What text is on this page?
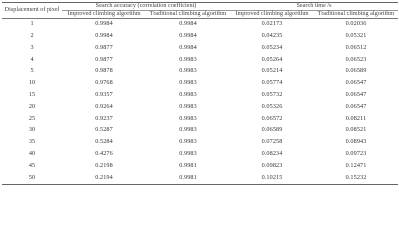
Displacement of pixel	Search accuracy (correlation coefficient)		Search time /s	
	Improved climbing algorithm	Traditional climbing algorithm	Improved climbing algorithm	Traditional climbing algorithm
1	0.9984	0.9984	0.02173	0.02036
2	0.9984	0.9984	0.04235	0.05321
3	0.9877	0.9984	0.05234	0.06512
4	0.9877	0.9983	0.05264	0.06523
5	0.9878	0.9983	0.05214	0.06589
10	0.9768	0.9983	0.05774	0.06547
15	0.9357	0.9983	0.05732	0.06547
20	0.9264	0.9983	0.05326	0.06547
25	0.9237	0.9983	0.06572	0.08211
30	0.5287	0.9983	0.06589	0.08521
35	0.5284	0.9983	0.07258	0.08943
40	0.4276	0.9983	0.08234	0.09723
45	0.2198	0.9981	0.09823	0.12471
50	0.2194	0.9981	0.10215	0.15232
